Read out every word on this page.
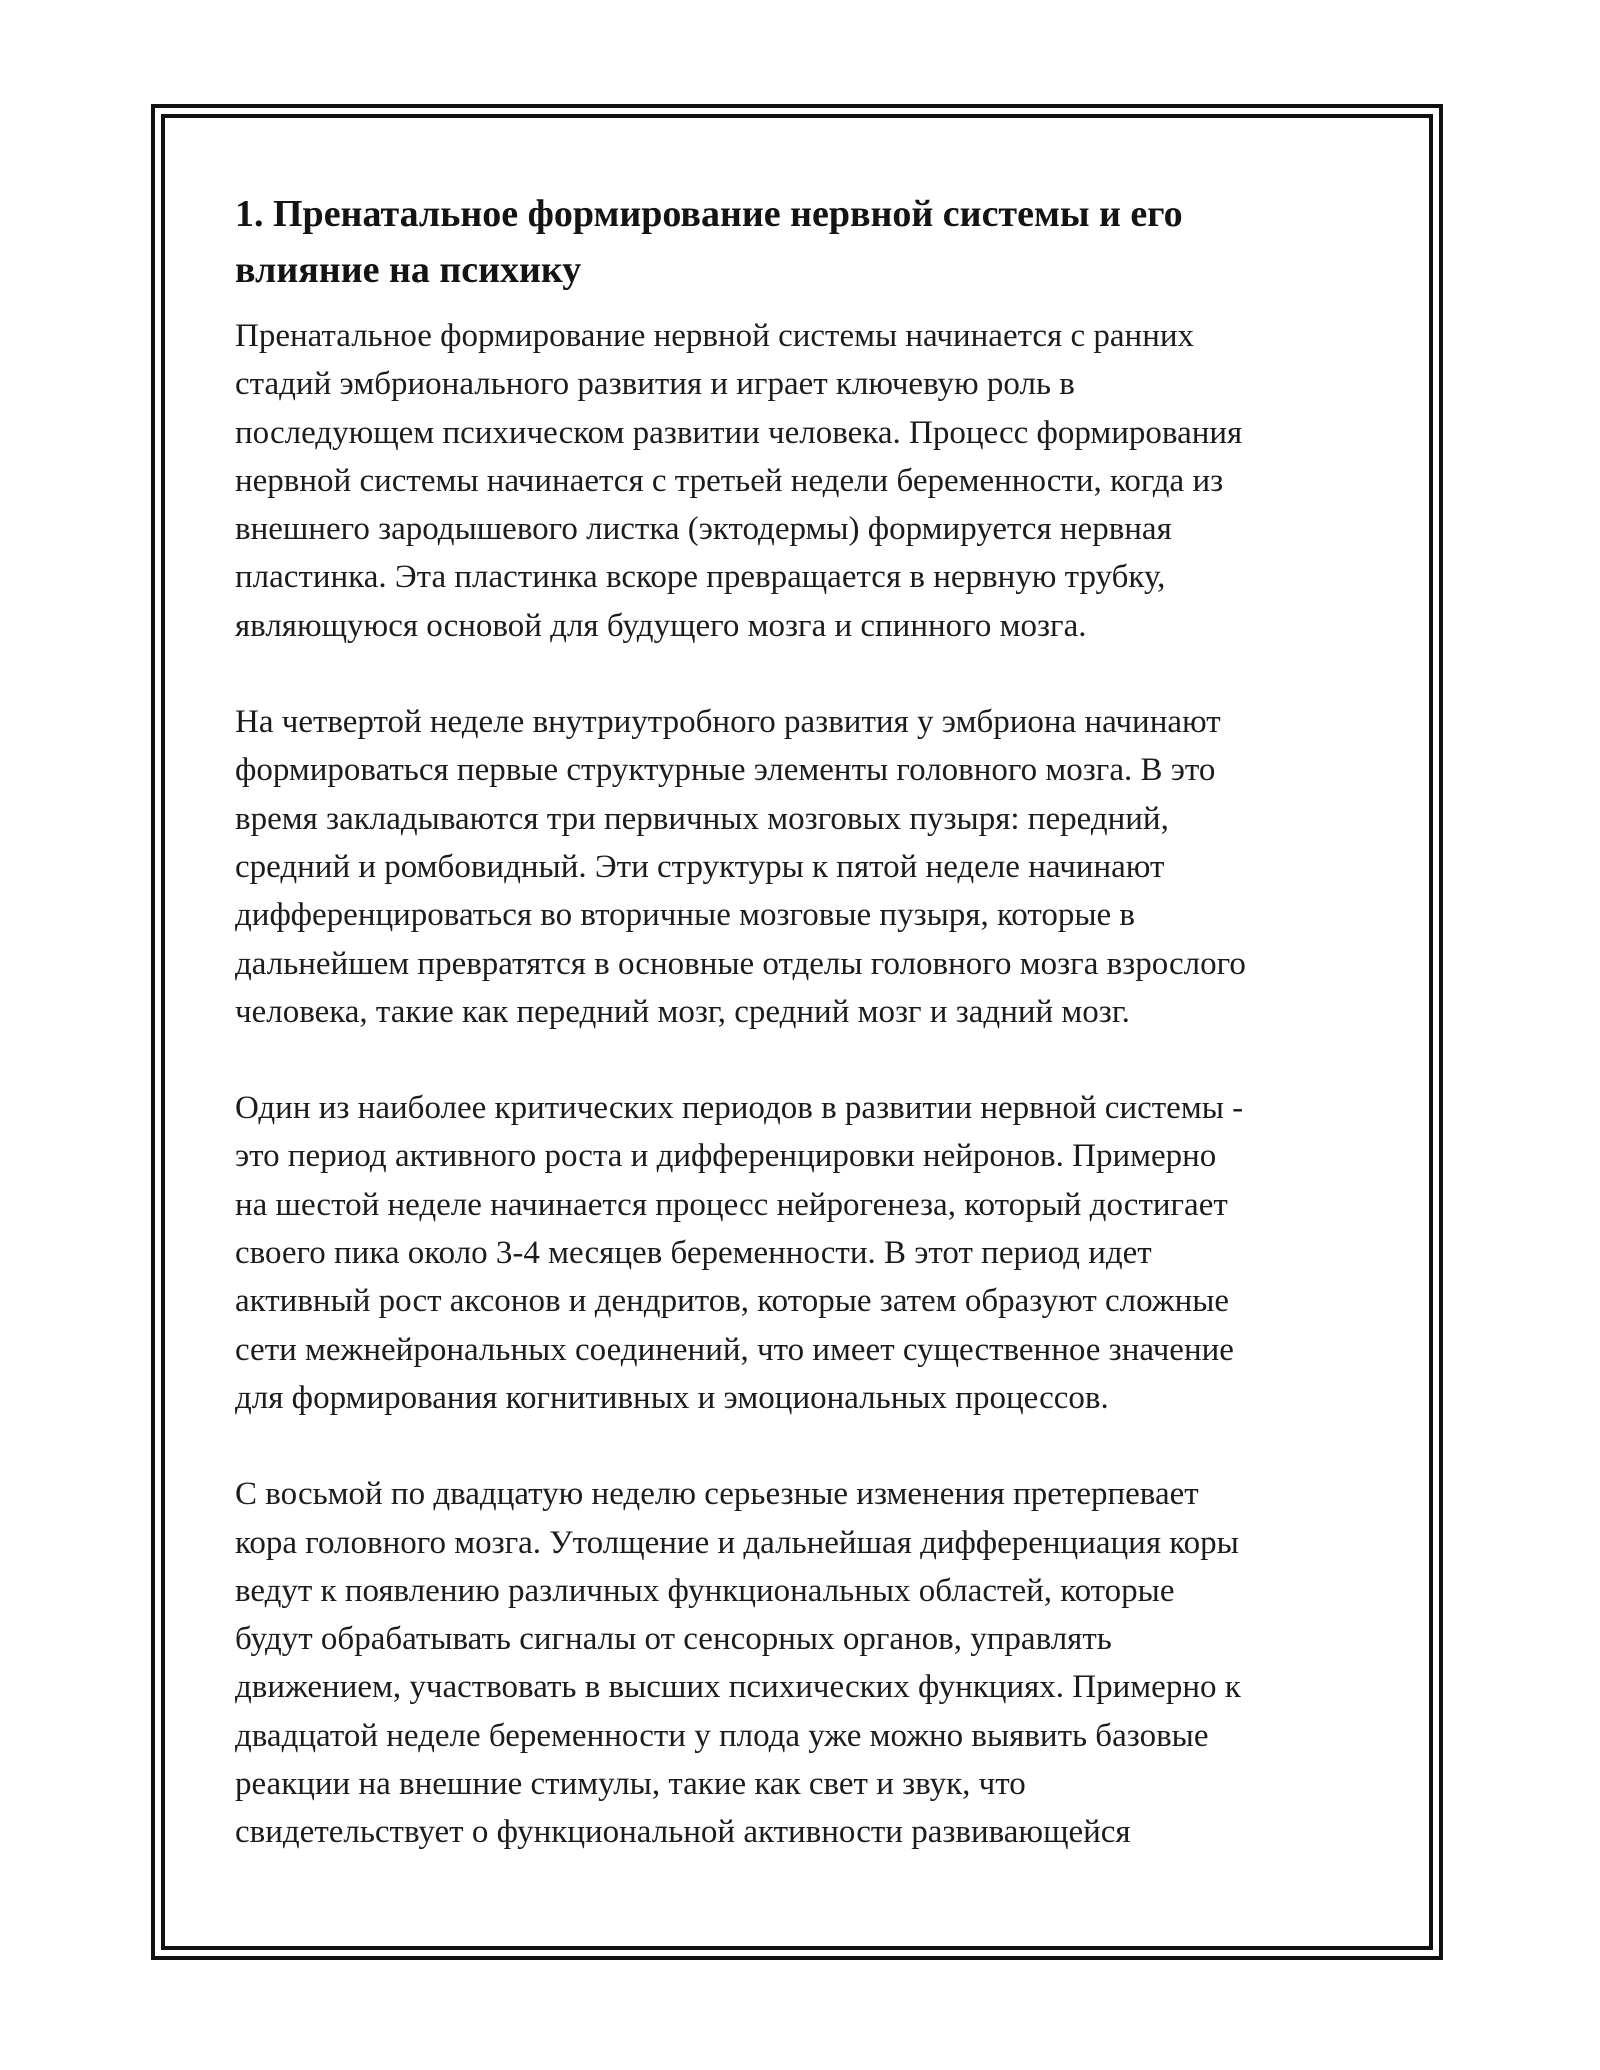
1. Пренатальное формирование нервной системы и его
влияние на психику

Пренатальное формирование нервной системы начинается с ранних
стадий эмбрионального развития и играет ключевую роль в
последующем психическом развитии человека. Процесс формирования
нервной системы начинается с третьей недели беременности, когда из
внешнего зародышевого листка (эктодермы) формируется нервная
пластинка. Эта пластинка вскоре превращается в нервную трубку,
являющуюся основой для будущего мозга и спинного мозга.

На четвертой неделе внутриутробного развития у эмбриона начинают
формироваться первые структурные элементы головного мозга. В это
время закладываются три первичных мозговых пузыря: передний,
средний и ромбовидный. Эти структуры к пятой неделе начинают
дифференцироваться во вторичные мозговые пузыря, которые в
дальнейшем превратятся в основные отделы головного мозга взрослого
человека, такие как передний мозг, средний мозг и задний мозг.

Один из наиболее критических периодов в развитии нервной системы -
это период активного роста и дифференцировки нейронов. Примерно
на шестой неделе начинается процесс нейрогенеза, который достигает
своего пика около 3-4 месяцев беременности. В этот период идет
активный рост аксонов и дендритов, которые затем образуют сложные
сети межнейрональных соединений, что имеет существенное значение
для формирования когнитивных и эмоциональных процессов.

С восьмой по двадцатую неделю серьезные изменения претерпевает
кора головного мозга. Утолщение и дальнейшая дифференциация коры
ведут к появлению различных функциональных областей, которые
будут обрабатывать сигналы от сенсорных органов, управлять
движением, участвовать в высших психических функциях. Примерно к
двадцатой неделе беременности у плода уже можно выявить базовые
реакции на внешние стимулы, такие как свет и звук, что
свидетельствует о функциональной активности развивающейся
